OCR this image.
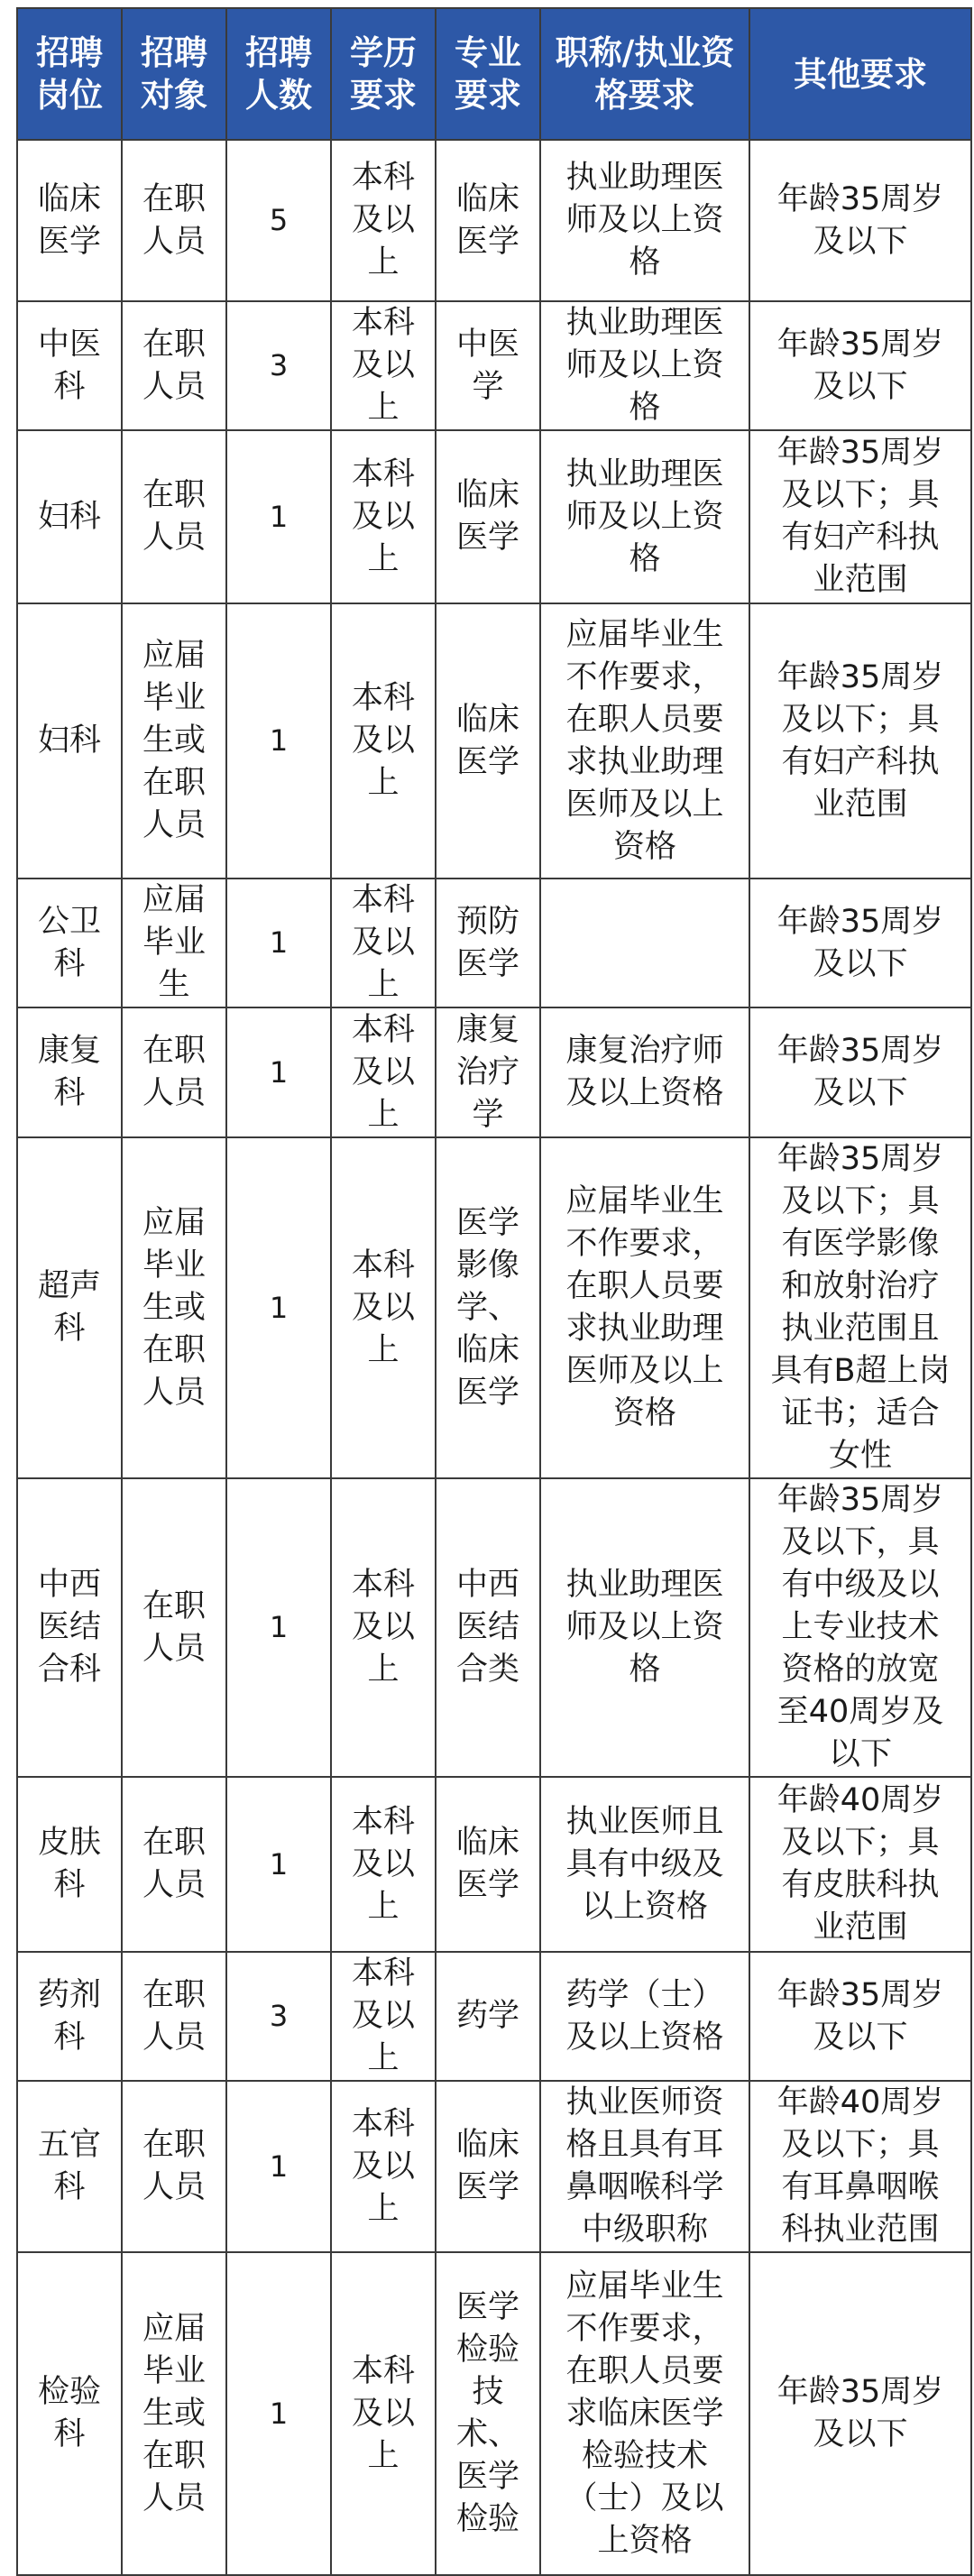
招聘岗位	招聘对象	招聘人数	学历要求	专业要求	职称/执业资格要求	其他要求
临床医学	在职人员	5	本科及以上	临床医学	执业助理医师及以上资格	年龄35周岁及以下
中医科	在职人员	3	本科及以上	中医学	执业助理医师及以上资格	年龄35周岁及以下
妇科	在职人员	1	本科及以上	临床医学	执业助理医师及以上资格	年龄35周岁及以下；具有妇产科执业范围
妇科	应届毕业生或在职人员	1	本科及以上	临床医学	应届毕业生不作要求，在职人员要求执业助理医师及以上资格	年龄35周岁及以下；具有妇产科执业范围
公卫科	应届毕业生	1	本科及以上	预防医学		年龄35周岁及以下
康复科	在职人员	1	本科及以上	康复治疗学	康复治疗师及以上资格	年龄35周岁及以下
超声科	应届毕业生或在职人员	1	本科及以上	医学影像学、临床医学	应届毕业生不作要求，在职人员要求执业助理医师及以上资格	年龄35周岁及以下；具有医学影像和放射治疗执业范围且具有B超上岗证书；适合女性
中西医结合科	在职人员	1	本科及以上	中西医结合类	执业助理医师及以上资格	年龄35周岁及以下，具有中级及以上专业技术资格的放宽至40周岁及以下
皮肤科	在职人员	1	本科及以上	临床医学	执业医师且具有中级及以上资格	年龄40周岁及以下；具有皮肤科执业范围
药剂科	在职人员	3	本科及以上	药学	药学（士）及以上资格	年龄35周岁及以下
五官科	在职人员	1	本科及以上	临床医学	执业医师资格且具有耳鼻咽喉科学中级职称	年龄40周岁及以下；具有耳鼻咽喉科执业范围
检验科	应届毕业生或在职人员	1	本科及以上	医学检验技术、医学检验	应届毕业生不作要求，在职人员要求临床医学检验技术（士）及以上资格	年龄35周岁及以下
